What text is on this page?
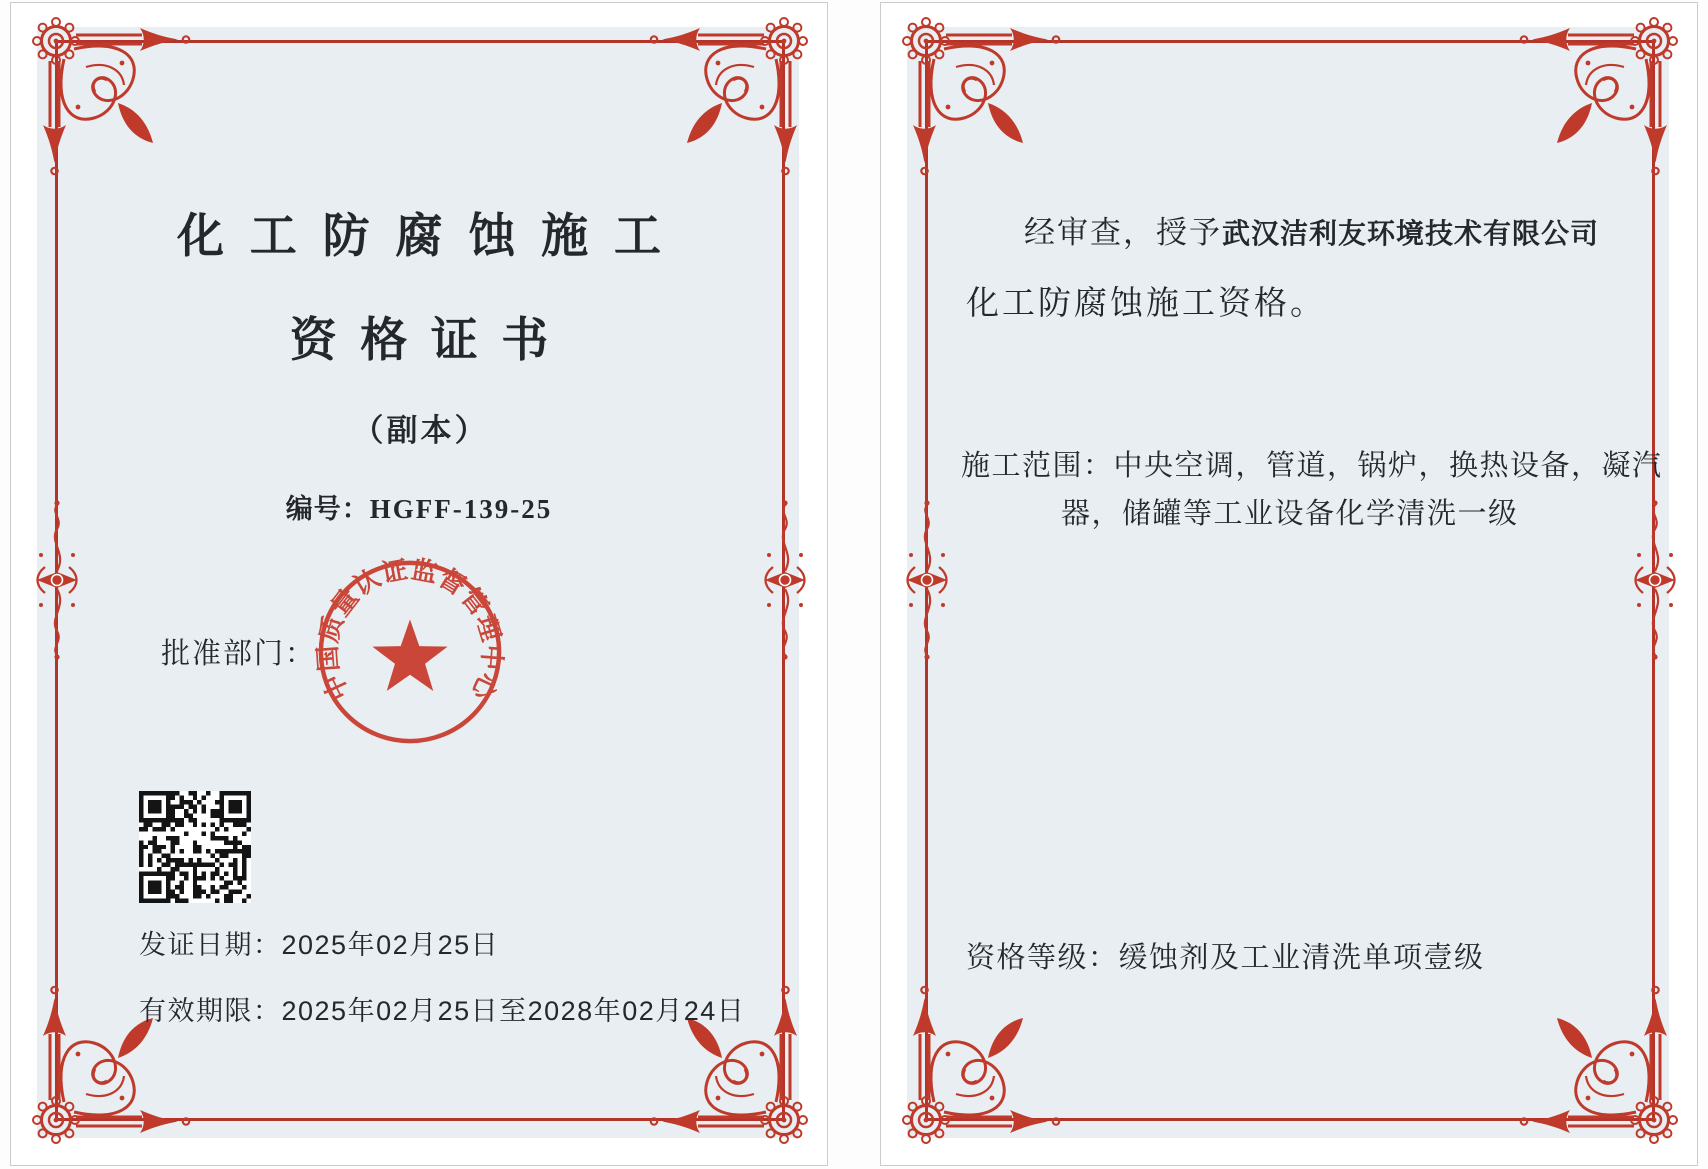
化工防腐蚀施工
资格证书
（副本）
编号：HGFF-139-25
批准部门：
中国质量认证监督管理中心
发证日期：2025年02月25日
有效期限：2025年02月25日至2028年02月24日
经审查，授予武汉洁利友环境技术有限公司
化工防腐蚀施工资格。
施工范围：中央空调，管道，锅炉，换热设备，凝汽
器，储罐等工业设备化学清洗一级
资格等级：缓蚀剂及工业清洗单项壹级
